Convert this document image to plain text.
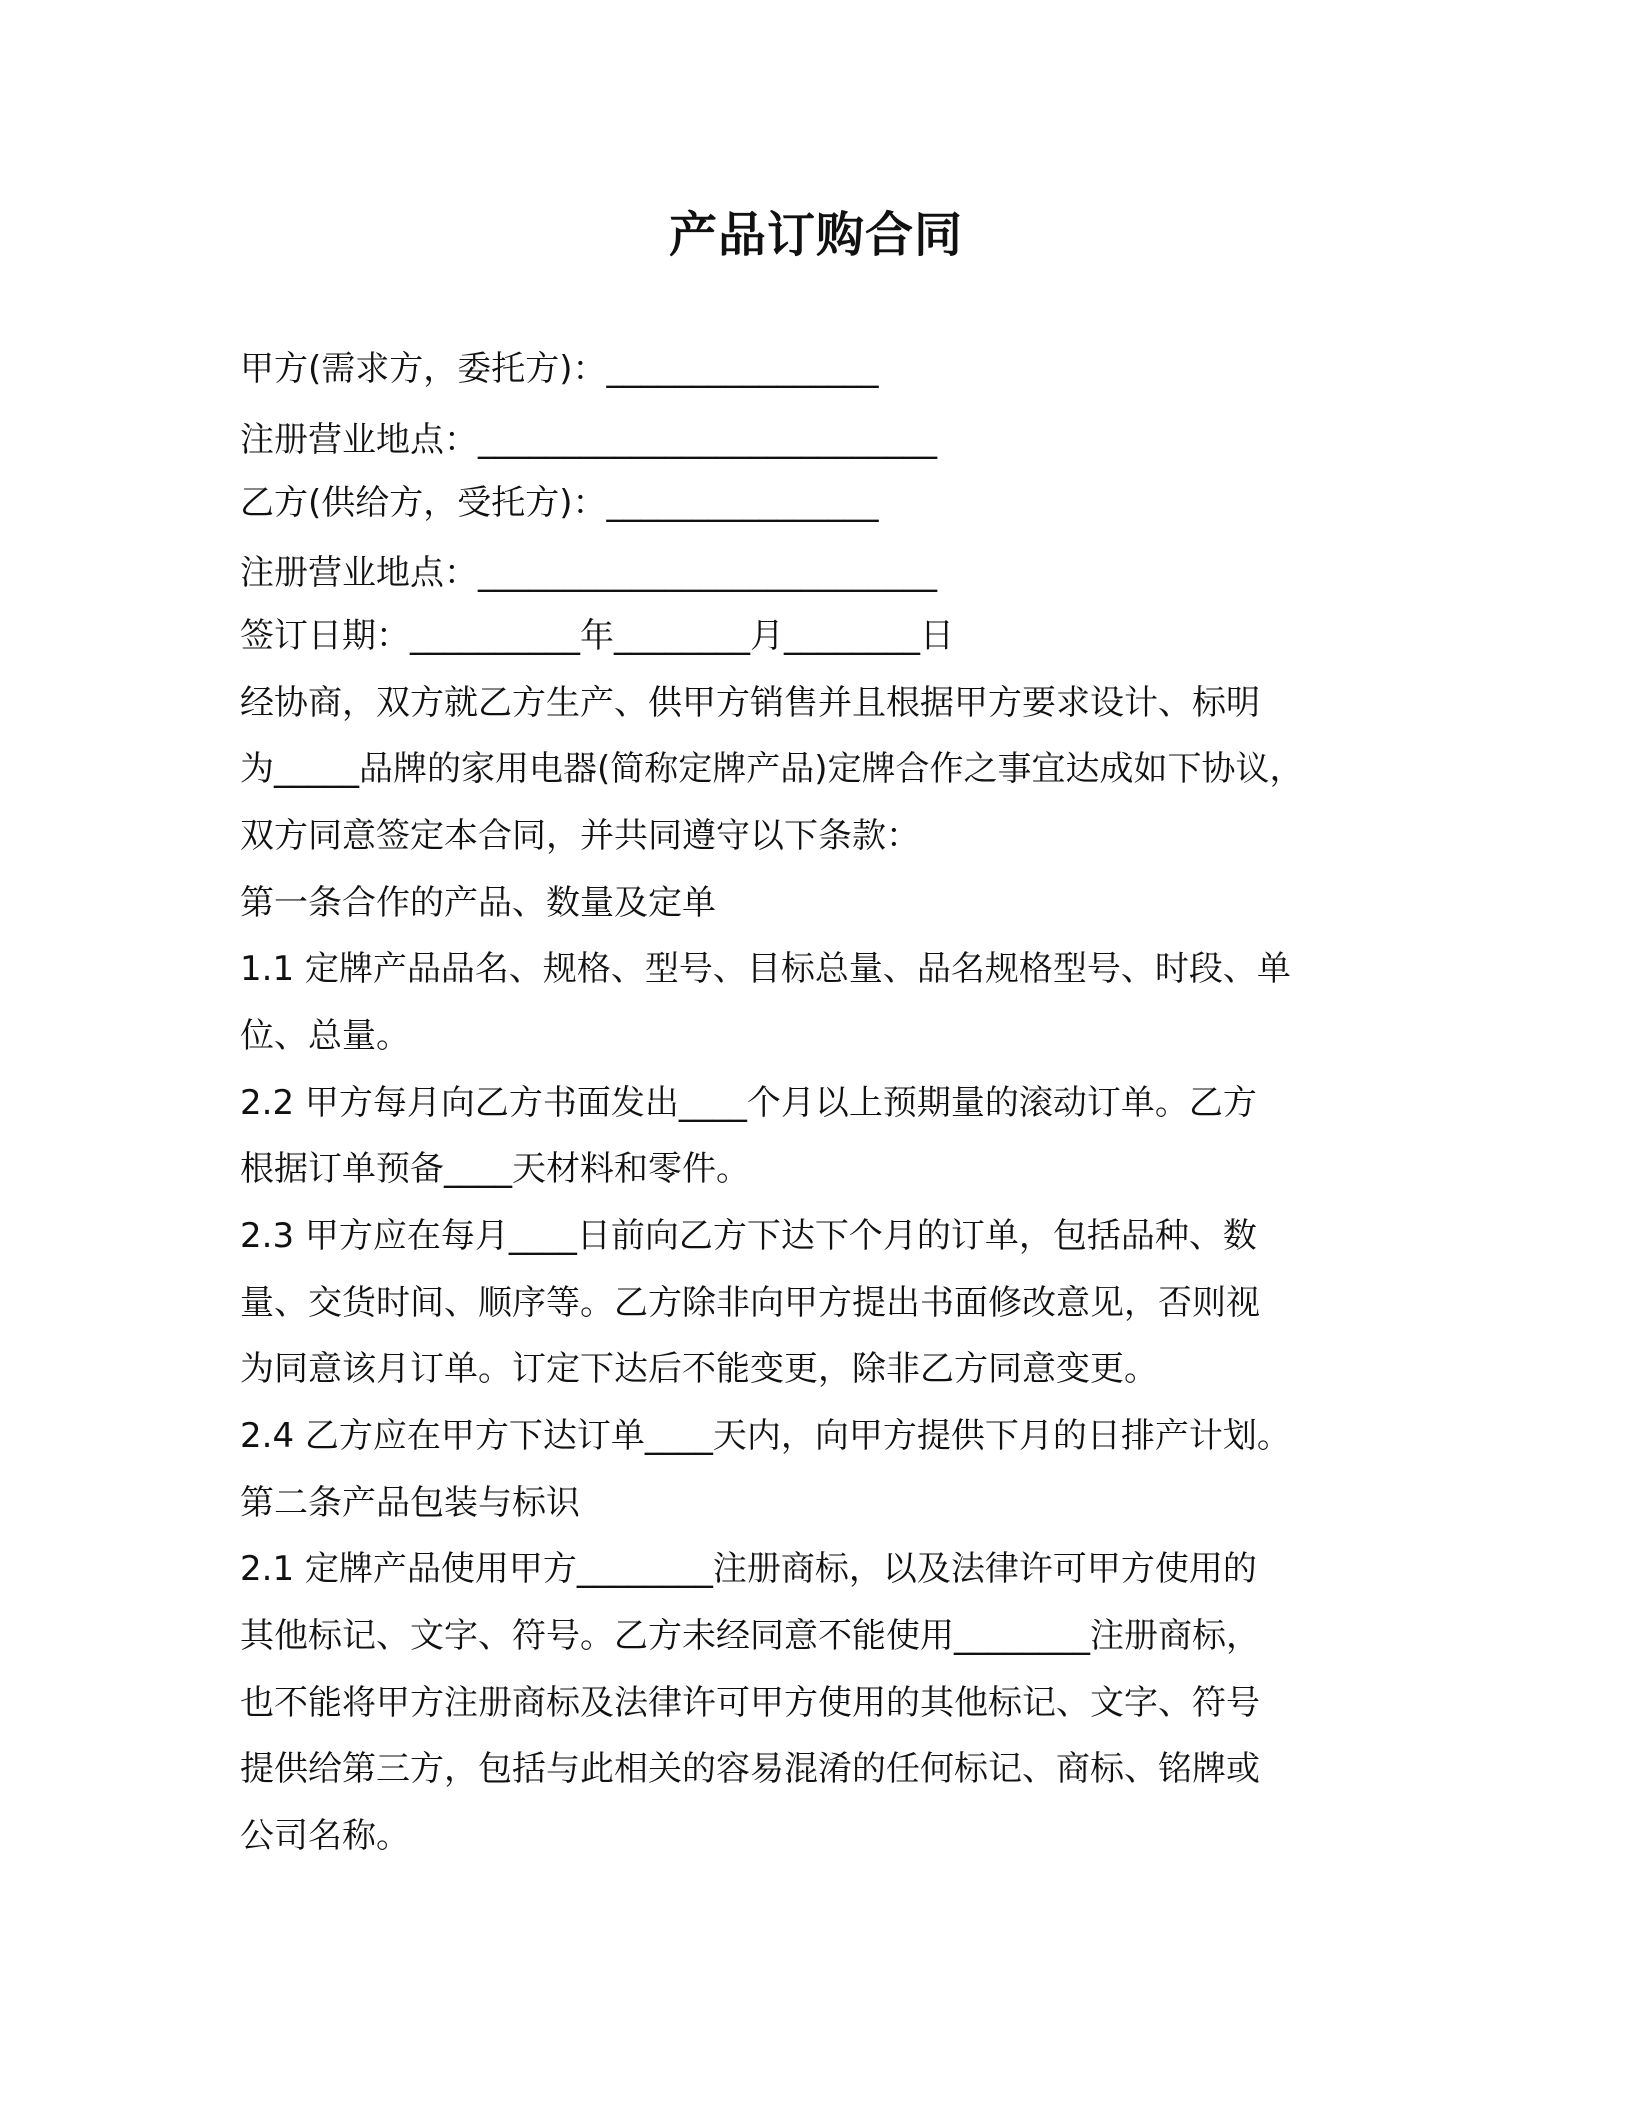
产品订购合同
甲方(需求方，委托方)：________________
注册营业地点：___________________________
乙方(供给方，受托方)：________________
注册营业地点：___________________________
签订日期：__________年________月________日
经协商，双方就乙方生产、供甲方销售并且根据甲方要求设计、标明
为_____品牌的家用电器(简称定牌产品)定牌合作之事宜达成如下协议，
双方同意签定本合同，并共同遵守以下条款：
第一条合作的产品、数量及定单
1.1 定牌产品品名、规格、型号、目标总量、品名规格型号、时段、单
位、总量。
2.2 甲方每月向乙方书面发出____个月以上预期量的滚动订单。乙方
根据订单预备____天材料和零件。
2.3 甲方应在每月____日前向乙方下达下个月的订单，包括品种、数
量、交货时间、顺序等。乙方除非向甲方提出书面修改意见，否则视
为同意该月订单。订定下达后不能变更，除非乙方同意变更。
2.4 乙方应在甲方下达订单____天内，向甲方提供下月的日排产计划。
第二条产品包装与标识
2.1 定牌产品使用甲方________注册商标，以及法律许可甲方使用的
其他标记、文字、符号。乙方未经同意不能使用________注册商标，
也不能将甲方注册商标及法律许可甲方使用的其他标记、文字、符号
提供给第三方，包括与此相关的容易混淆的任何标记、商标、铭牌或
公司名称。
